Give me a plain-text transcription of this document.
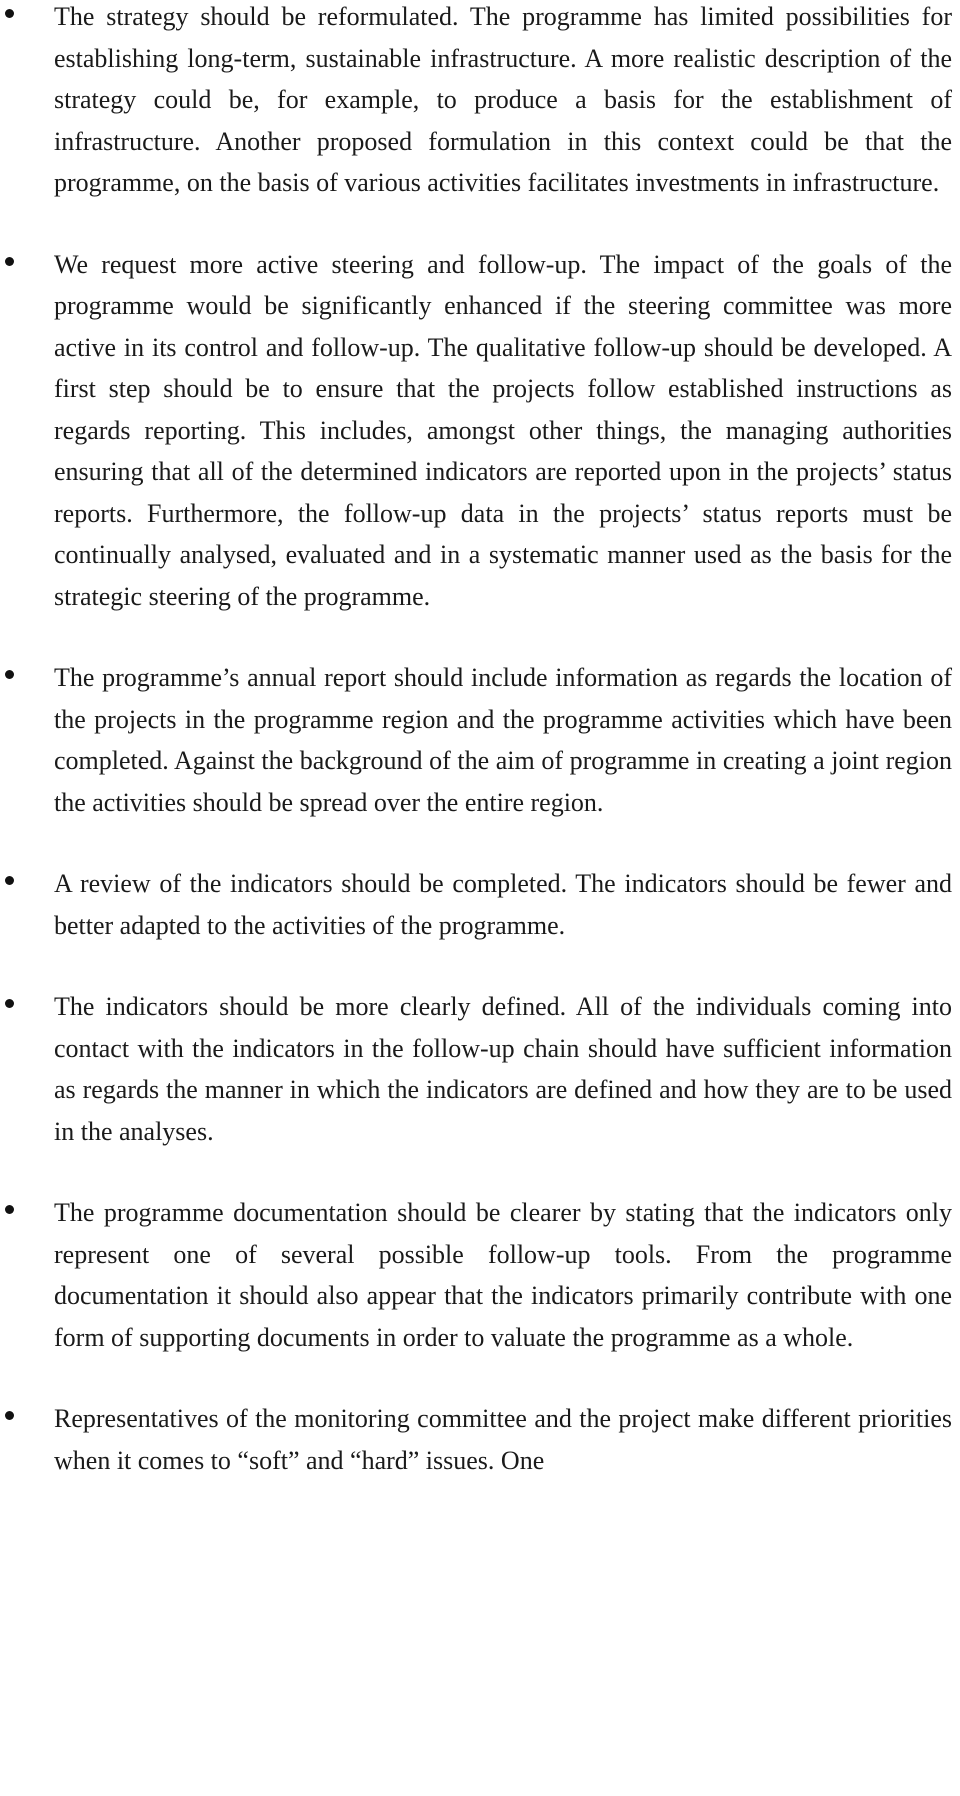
The strategy should be reformulated. The programme has limited possibilities for establishing long-term, sustainable infrastructure. A more realistic description of the strategy could be, for example, to produce a basis for the establishment of infrastructure. Another proposed formulation in this context could be that the programme, on the basis of various activities facilitates investments in infrastructure.

We request more active steering and follow-up. The impact of the goals of the programme would be significantly enhanced if the steering committee was more active in its control and follow-up. The qualitative follow-up should be developed. A first step should be to ensure that the projects follow established instructions as regards reporting. This includes, amongst other things, the managing authorities ensuring that all of the determined indicators are reported upon in the projects’ status reports. Furthermore, the follow-up data in the projects’ status reports must be continually analysed, evaluated and in a systematic manner used as the basis for the strategic steering of the programme.

The programme’s annual report should include information as regards the location of the projects in the programme region and the programme activities which have been completed. Against the background of the aim of programme in creating a joint region the activities should be spread over the entire region.

A review of the indicators should be completed. The indicators should be fewer and better adapted to the activities of the programme.

The indicators should be more clearly defined. All of the individuals coming into contact with the indicators in the follow-up chain should have sufficient information as regards the manner in which the indicators are defined and how they are to be used in the analyses.

The programme documentation should be clearer by stating that the indicators only represent one of several possible follow-up tools. From the programme documentation it should also appear that the indicators primarily contribute with one form of supporting documents in order to valuate the programme as a whole.

Representatives of the monitoring committee and the project make different priorities when it comes to “soft” and “hard” issues. One
